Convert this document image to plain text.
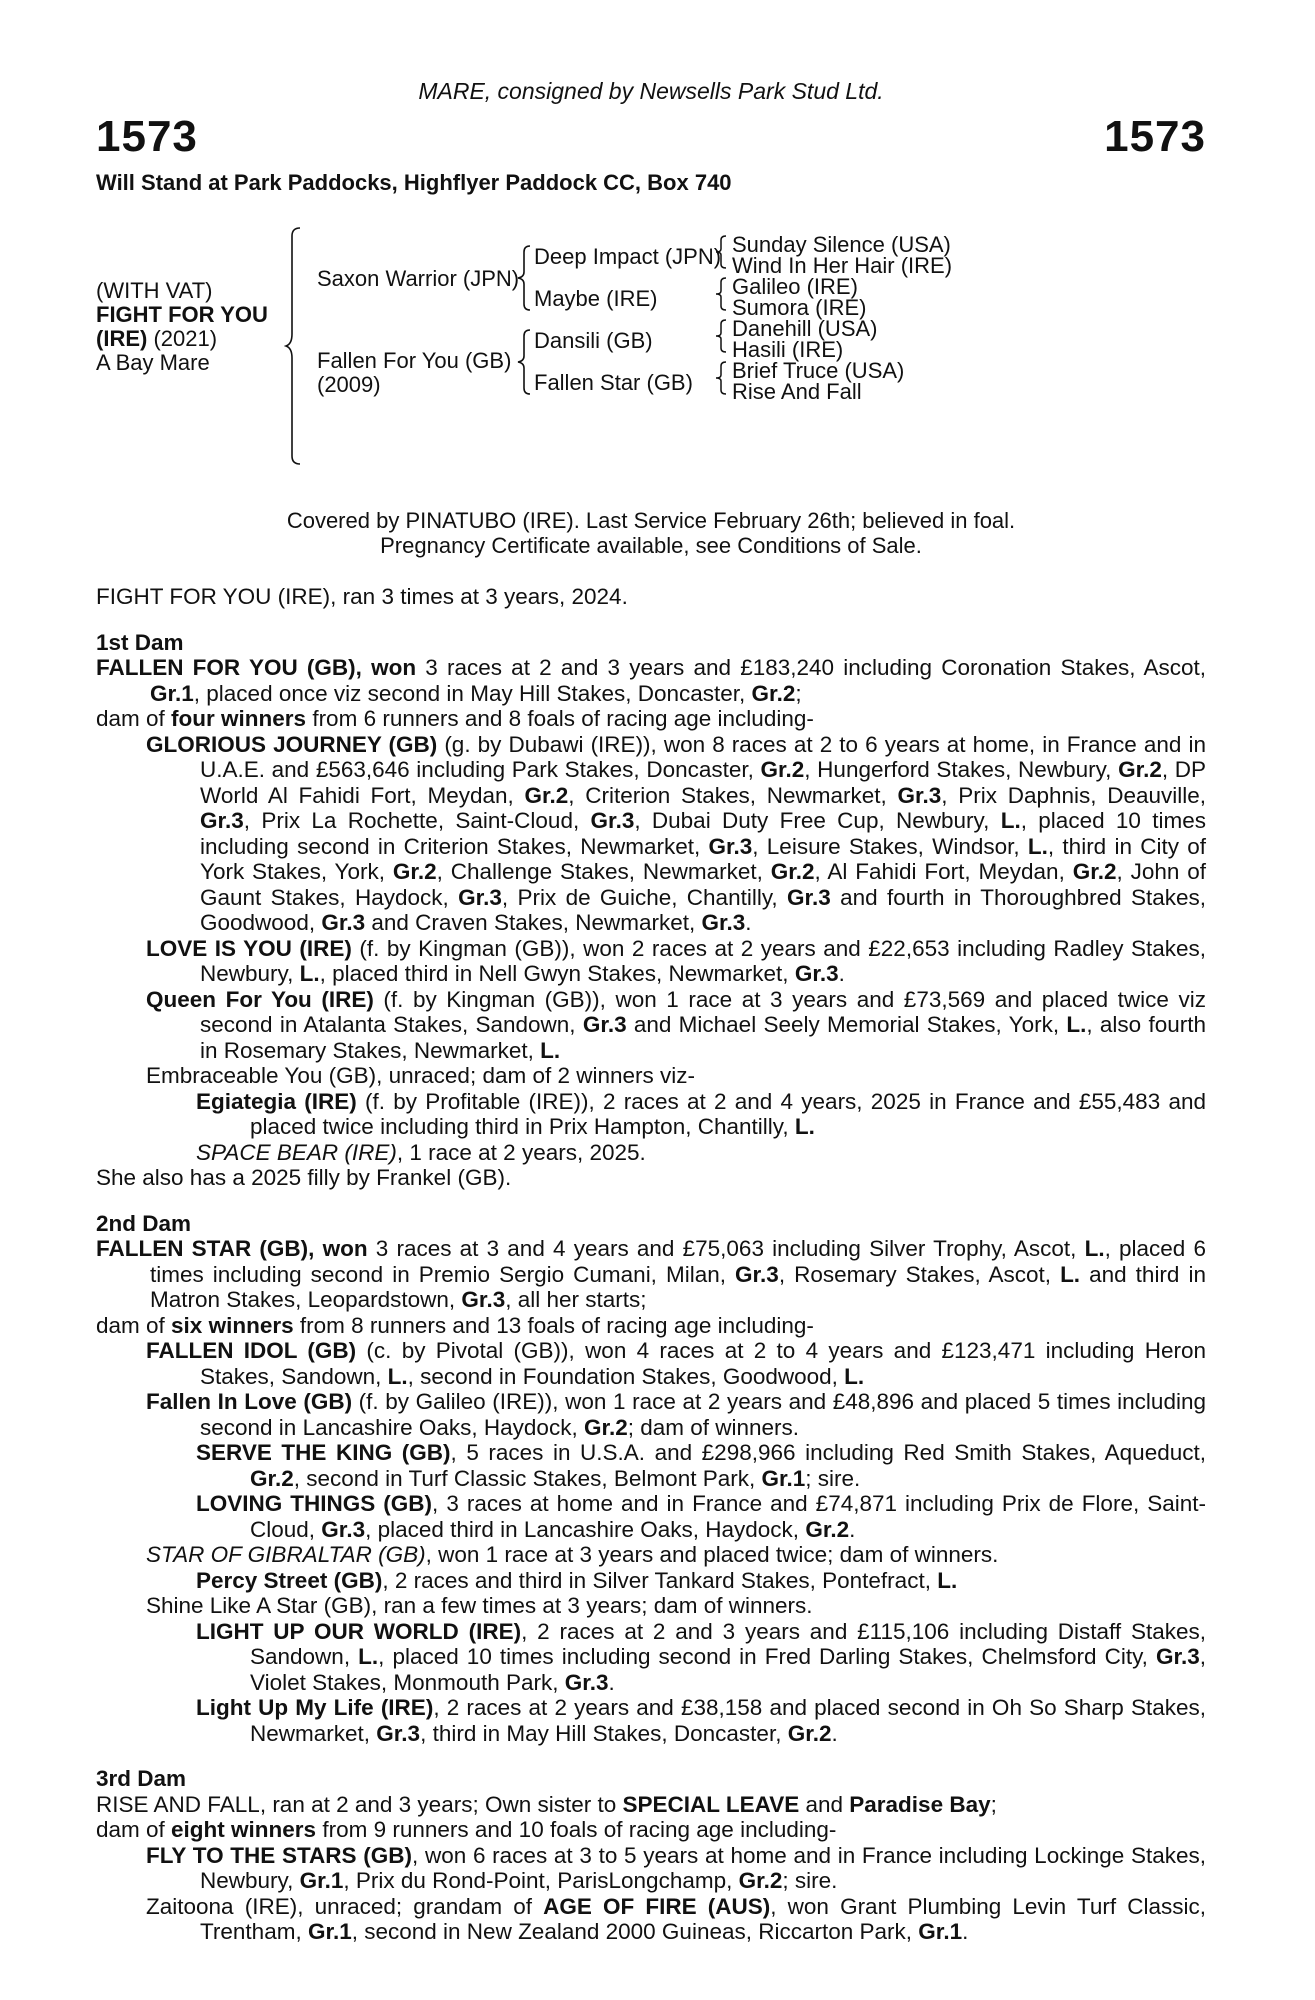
MARE, consigned by Newsells Park Stud Ltd.
1573	1573
Will Stand at Park Paddocks, Highflyer Paddock CC, Box 740
(WITH VAT)
FIGHT FOR YOU
(IRE) (2021)
A Bay Mare
Saxon Warrior (JPN)
Fallen For You (GB)
(2009)
Deep Impact (JPN)
Maybe (IRE)
Dansili (GB)
Fallen Star (GB)
Sunday Silence (USA)
Wind In Her Hair (IRE)
Galileo (IRE)
Sumora (IRE)
Danehill (USA)
Hasili (IRE)
Brief Truce (USA)
Rise And Fall
Covered by PINATUBO (IRE). Last Service February 26th; believed in foal.
Pregnancy Certificate available, see Conditions of Sale.

FIGHT FOR YOU (IRE), ran 3 times at 3 years, 2024.

1st Dam

FALLEN FOR YOU (GB), won 3 races at 2 and 3 years and £183,240 including Coronation Stakes, Ascot, Gr.1, placed once viz second in May Hill Stakes, Doncaster, Gr.2;

dam of four winners from 6 runners and 8 foals of racing age including-

GLORIOUS JOURNEY (GB) (g. by Dubawi (IRE)), won 8 races at 2 to 6 years at home, in France and in U.A.E. and £563,646 including Park Stakes, Doncaster, Gr.2, Hungerford Stakes, Newbury, Gr.2, DP World Al Fahidi Fort, Meydan, Gr.2, Criterion Stakes, Newmarket, Gr.3, Prix Daphnis, Deauville, Gr.3, Prix La Rochette, Saint-Cloud, Gr.3, Dubai Duty Free Cup, Newbury, L., placed 10 times including second in Criterion Stakes, Newmarket, Gr.3, Leisure Stakes, Windsor, L., third in City of York Stakes, York, Gr.2, Challenge Stakes, Newmarket, Gr.2, Al Fahidi Fort, Meydan, Gr.2, John of Gaunt Stakes, Haydock, Gr.3, Prix de Guiche, Chantilly, Gr.3 and fourth in Thoroughbred Stakes, Goodwood, Gr.3 and Craven Stakes, Newmarket, Gr.3.

LOVE IS YOU (IRE) (f. by Kingman (GB)), won 2 races at 2 years and £22,653 including Radley Stakes, Newbury, L., placed third in Nell Gwyn Stakes, Newmarket, Gr.3.

Queen For You (IRE) (f. by Kingman (GB)), won 1 race at 3 years and £73,569 and placed twice viz second in Atalanta Stakes, Sandown, Gr.3 and Michael Seely Memorial Stakes, York, L., also fourth in Rosemary Stakes, Newmarket, L.

Embraceable You (GB), unraced; dam of 2 winners viz-

Egiategia (IRE) (f. by Profitable (IRE)), 2 races at 2 and 4 years, 2025 in France and £55,483 and placed twice including third in Prix Hampton, Chantilly, L.

SPACE BEAR (IRE), 1 race at 2 years, 2025.

She also has a 2025 filly by Frankel (GB).

2nd Dam

FALLEN STAR (GB), won 3 races at 3 and 4 years and £75,063 including Silver Trophy, Ascot, L., placed 6 times including second in Premio Sergio Cumani, Milan, Gr.3, Rosemary Stakes, Ascot, L. and third in Matron Stakes, Leopardstown, Gr.3, all her starts;

dam of six winners from 8 runners and 13 foals of racing age including-

FALLEN IDOL (GB) (c. by Pivotal (GB)), won 4 races at 2 to 4 years and £123,471 including Heron Stakes, Sandown, L., second in Foundation Stakes, Goodwood, L.

Fallen In Love (GB) (f. by Galileo (IRE)), won 1 race at 2 years and £48,896 and placed 5 times including second in Lancashire Oaks, Haydock, Gr.2; dam of winners.

SERVE THE KING (GB), 5 races in U.S.A. and £298,966 including Red Smith Stakes, Aqueduct, Gr.2, second in Turf Classic Stakes, Belmont Park, Gr.1; sire.

LOVING THINGS (GB), 3 races at home and in France and £74,871 including Prix de Flore, Saint-Cloud, Gr.3, placed third in Lancashire Oaks, Haydock, Gr.2.

STAR OF GIBRALTAR (GB), won 1 race at 3 years and placed twice; dam of winners.

Percy Street (GB), 2 races and third in Silver Tankard Stakes, Pontefract, L.

Shine Like A Star (GB), ran a few times at 3 years; dam of winners.

LIGHT UP OUR WORLD (IRE), 2 races at 2 and 3 years and £115,106 including Distaff Stakes, Sandown, L., placed 10 times including second in Fred Darling Stakes, Chelmsford City, Gr.3, Violet Stakes, Monmouth Park, Gr.3.

Light Up My Life (IRE), 2 races at 2 years and £38,158 and placed second in Oh So Sharp Stakes, Newmarket, Gr.3, third in May Hill Stakes, Doncaster, Gr.2.

3rd Dam

RISE AND FALL, ran at 2 and 3 years; Own sister to SPECIAL LEAVE and Paradise Bay;

dam of eight winners from 9 runners and 10 foals of racing age including-

FLY TO THE STARS (GB), won 6 races at 3 to 5 years at home and in France including Lockinge Stakes, Newbury, Gr.1, Prix du Rond-Point, ParisLongchamp, Gr.2; sire.

Zaitoona (IRE), unraced; grandam of AGE OF FIRE (AUS), won Grant Plumbing Levin Turf Classic, Trentham, Gr.1, second in New Zealand 2000 Guineas, Riccarton Park, Gr.1.
